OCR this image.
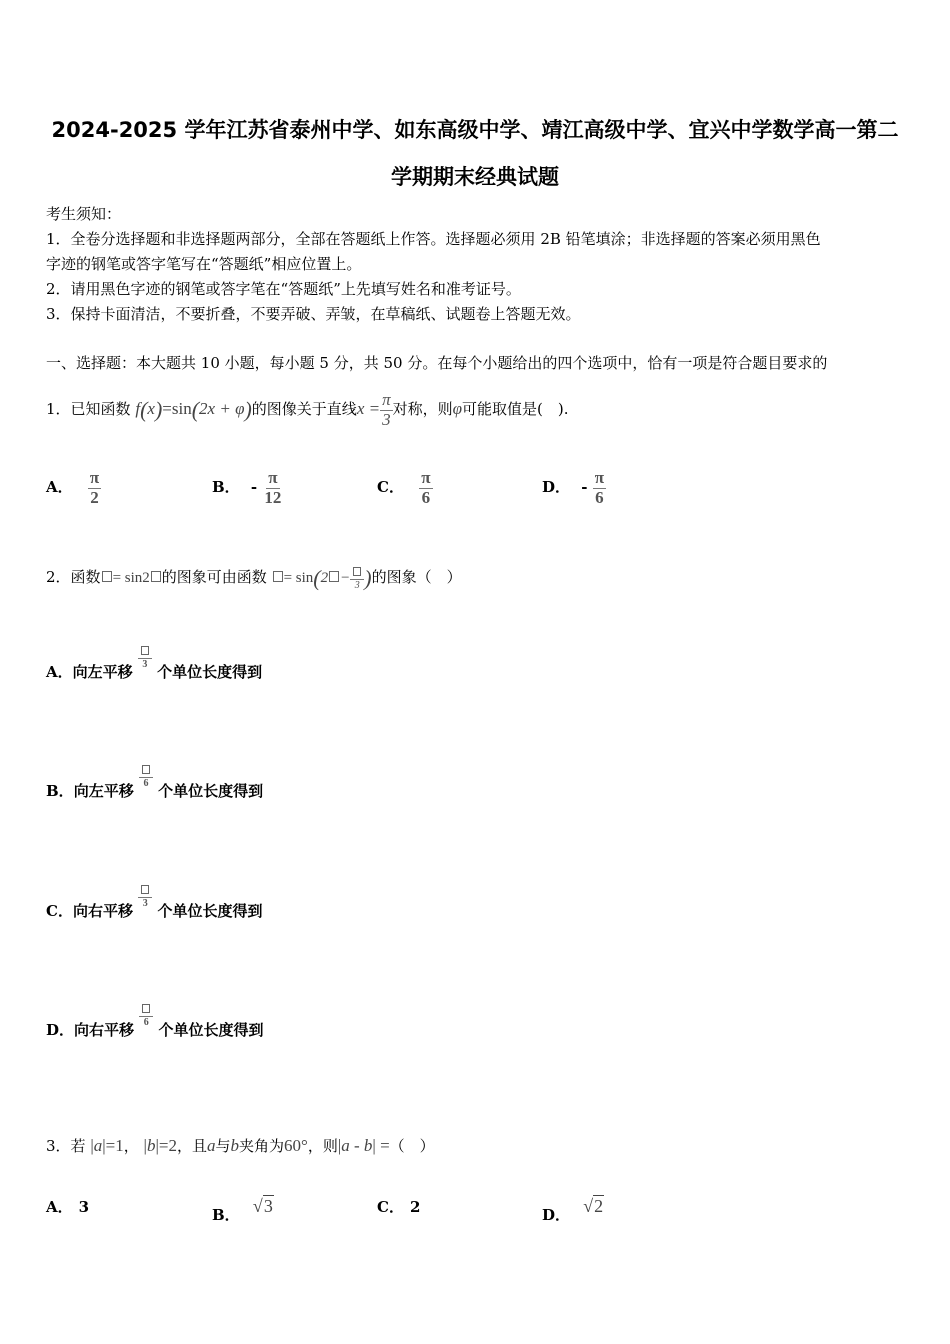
2024-2025 学年江苏省泰州中学、如东高级中学、靖江高级中学、宜兴中学数学高一第二
学期期末经典试题
考生须知：
1．全卷分选择题和非选择题两部分，全部在答题纸上作答。选择题必须用 2B 铅笔填涂；非选择题的答案必须用黑色
字迹的钢笔或答字笔写在“答题纸”相应位置上。
2．请用黑色字迹的钢笔或答字笔在“答题纸”上先填写姓名和准考证号。
3．保持卡面清洁，不要折叠，不要弄破、弄皱，在草稿纸、试题卷上答题无效。
一、选择题：本大题共 10 小题，每小题 5 分，共 50 分。在每个小题给出的四个选项中，恰有一项是符合题目要求的
1．已知函数 f(x)=sin(2x + φ)的图像关于直线$x = \frac{\pi}{3}$ 对称，则φ可能取值是(　).
A． $\frac{\pi}{2}$	B． - $\frac{\pi}{12}$	C． $\frac{\pi}{6}$	D． - $\frac{\pi}{6}$
2．函数 = sin2 的图象可由函数 = sin(2 − 3 )的图象（　）
A．向左平移 3 个单位长度得到
B．向左平移 6 个单位长度得到
C．向右平移 3 个单位长度得到
D．向右平移 6 个单位长度得到
3．若 |a|=1， |b|=2，且a与b夹角为60°，则|a - b| =（　）
A． 3	B． √3	C． 2	D． √2
